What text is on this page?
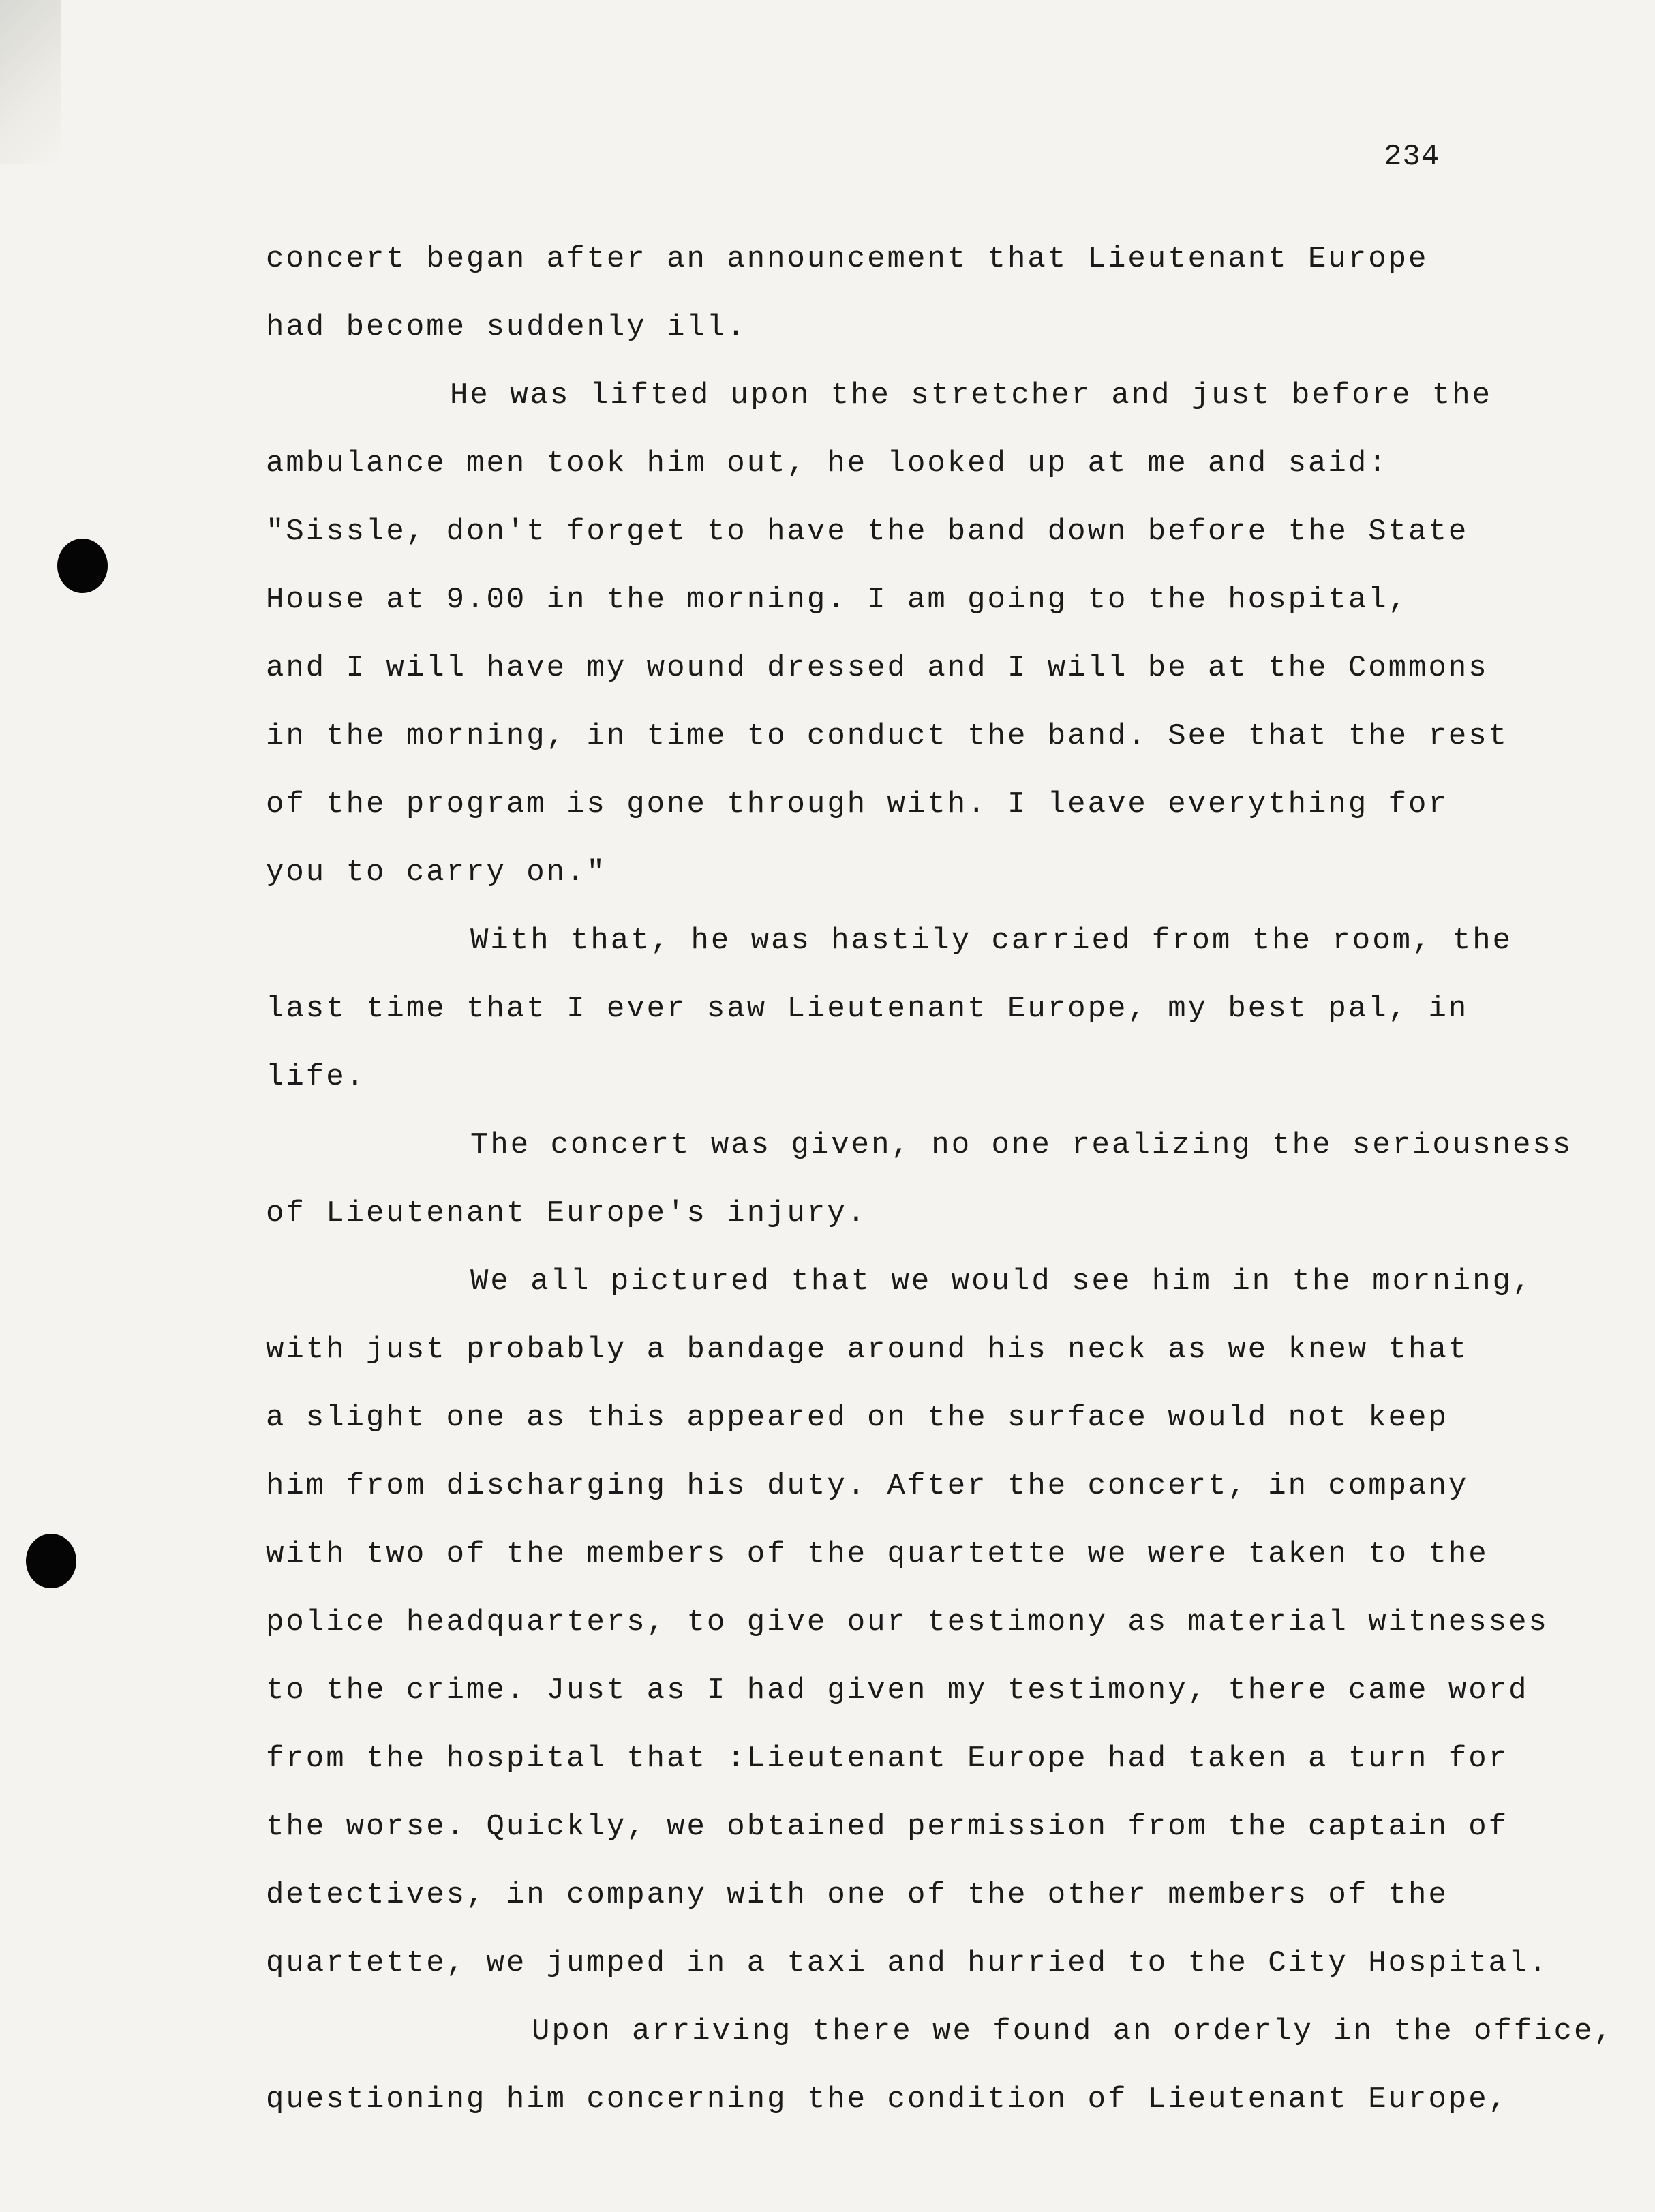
234
concert began after an announcement that Lieutenant Europe
had become suddenly ill.
He was lifted upon the stretcher and just before the
ambulance men took him out, he looked up at me and said:
"Sissle, don't forget to have the band down before the State
House at 9.00 in the morning. I am going to the hospital,
and I will have my wound dressed and I will be at the Commons
in the morning, in time to conduct the band. See that the rest
of the program is gone through with. I leave everything for
you to carry on."
With that, he was hastily carried from the room, the
last time that I ever saw Lieutenant Europe, my best pal, in
life.
The concert was given, no one realizing the seriousness
of Lieutenant Europe's injury.
We all pictured that we would see him in the morning,
with just probably a bandage around his neck as we knew that
a slight one as this appeared on the surface would not keep
him from discharging his duty. After the concert, in company
with two of the members of the quartette we were taken to the
police headquarters, to give our testimony as material witnesses
to the crime. Just as I had given my testimony, there came word
from the hospital that :Lieutenant Europe had taken a turn for
the worse. Quickly, we obtained permission from the captain of
detectives, in company with one of the other members of the
quartette, we jumped in a taxi and hurried to the City Hospital.
Upon arriving there we found an orderly in the office,
questioning him concerning the condition of Lieutenant Europe,
